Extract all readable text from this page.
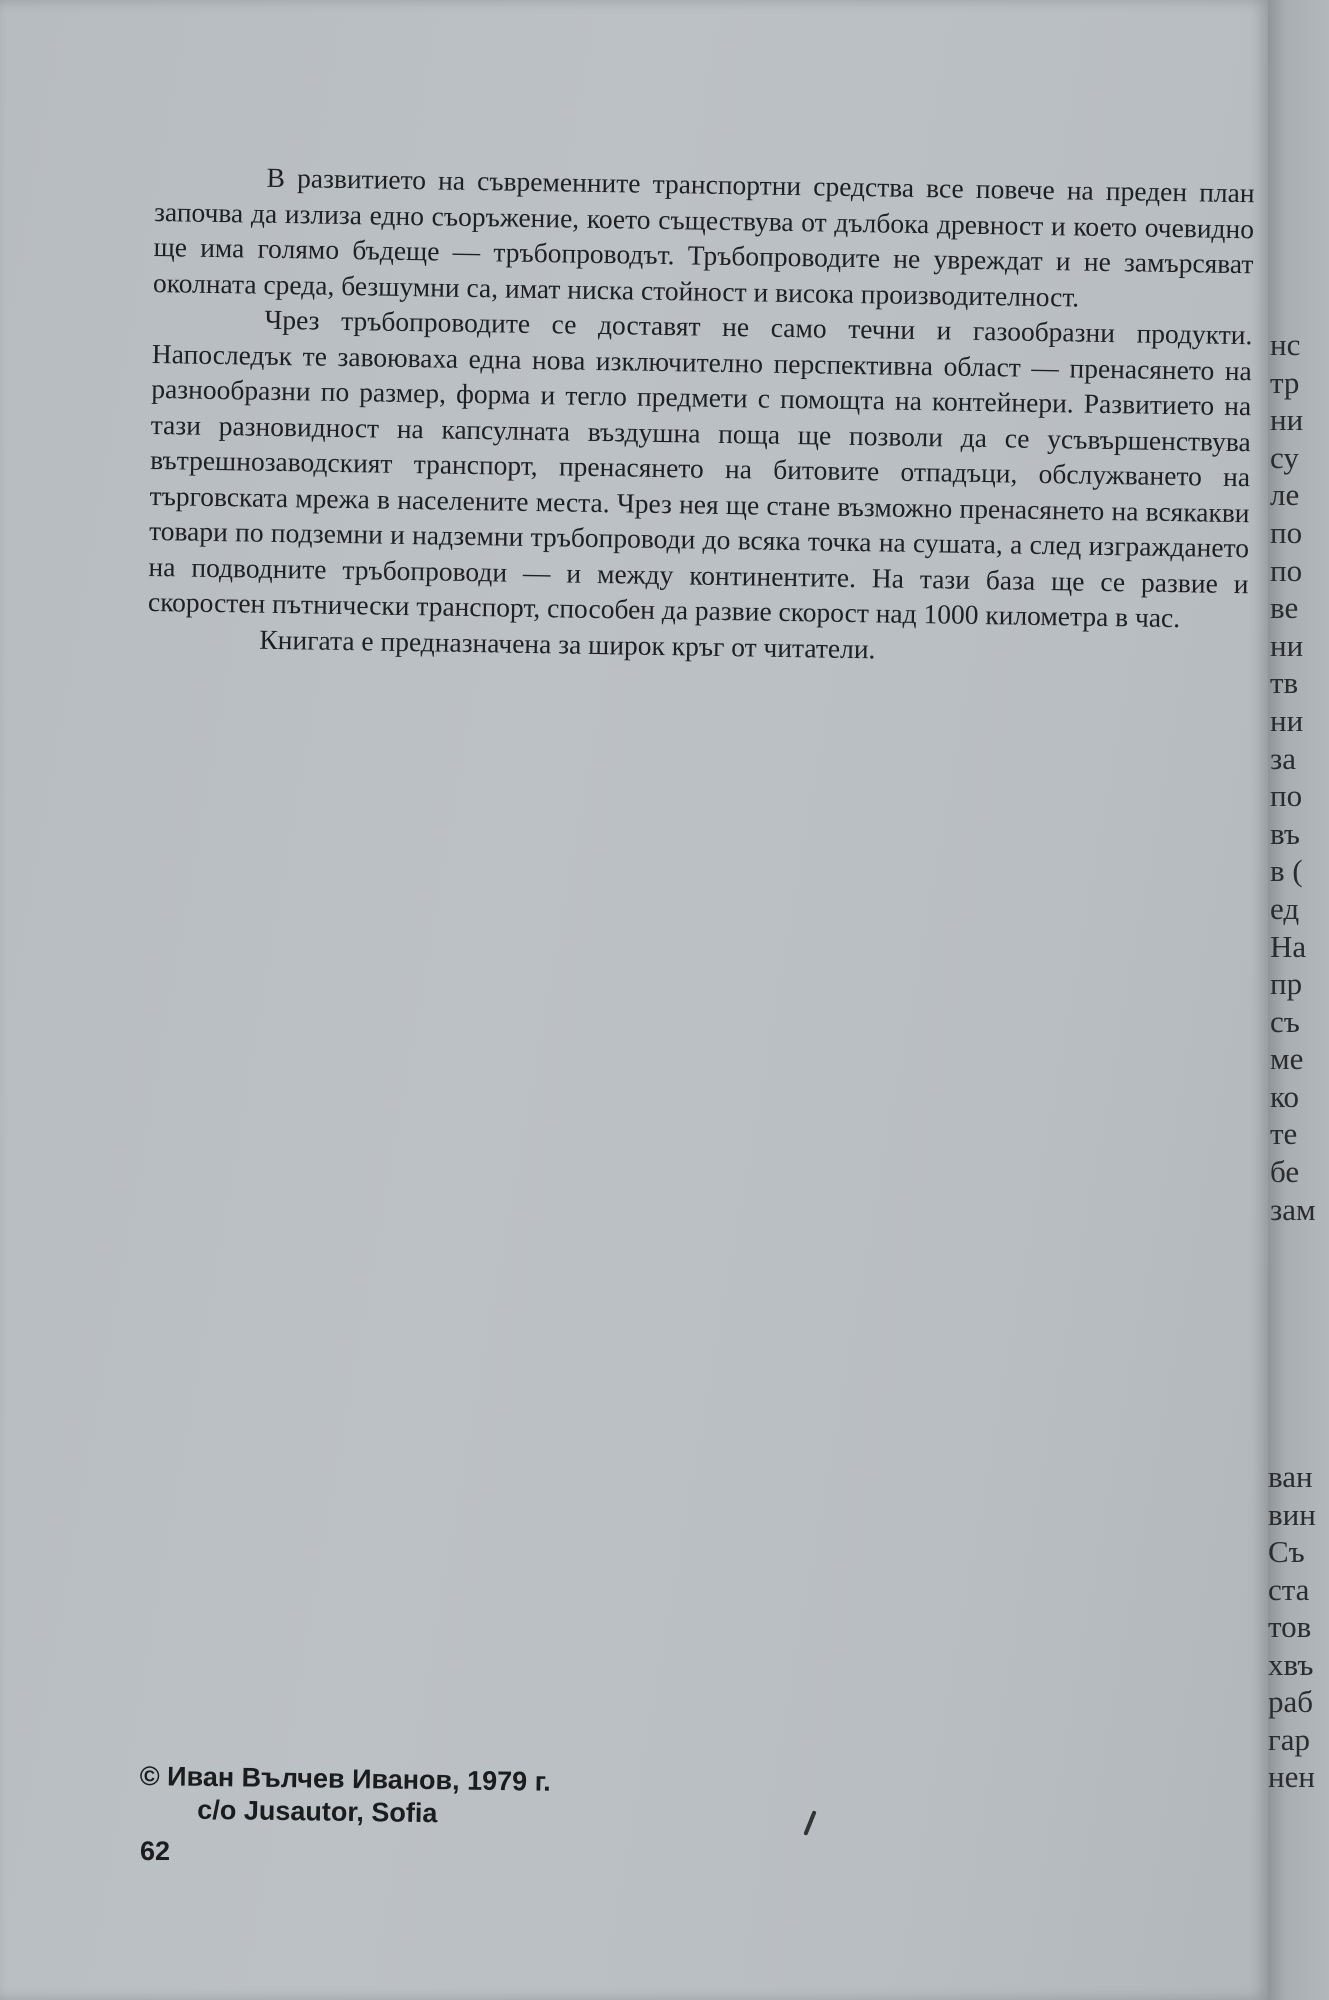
В развитието на съвременните транспортни средства все повече на преден план започва да излиза едно съоръжение, което съществува от дълбока древност и което очевидно ще има голямо бъдеще — тръбопроводът. Тръбопроводите не увреждат и не замърсяват околната среда, безшумни са, имат ниска стойност и висока производителност.

Чрез тръбопроводите се доставят не само течни и газообразни продукти. Напоследък те завоюваха една нова изключително перспективна област — пренасянето на разнообразни по размер, форма и тегло предмети с помощта на контейнери. Развитието на тази разновидност на капсулната въздушна поща ще позволи да се усъвършенствува вътрешнозаводският транспорт, пренасянето на битовите отпадъци, обслужването на търговската мрежа в населените места. Чрез нея ще стане възможно пренасянето на всякакви товари по подземни и надземни тръбопроводи до всяка точка на сушата, а след изграждането на подводните тръбопроводи — и между континентите. На тази база ще се развие и скоростен пътнически транспорт, способен да развие скорост над 1000 километра в час.

Книгата е предназначена за широк кръг от читатели.

© Иван Вълчев Иванов, 1979 г.
с/о Jusautor, Sofia
62
нс
тр
ни
су
ле
по
по
ве
ни
тв
ни
за
по
въ
в (
ед
На
пр
съ
ме
ко
те
бе
зам
ван
вин
Съ
ста
тов
хвъ
раб
гар
нен
